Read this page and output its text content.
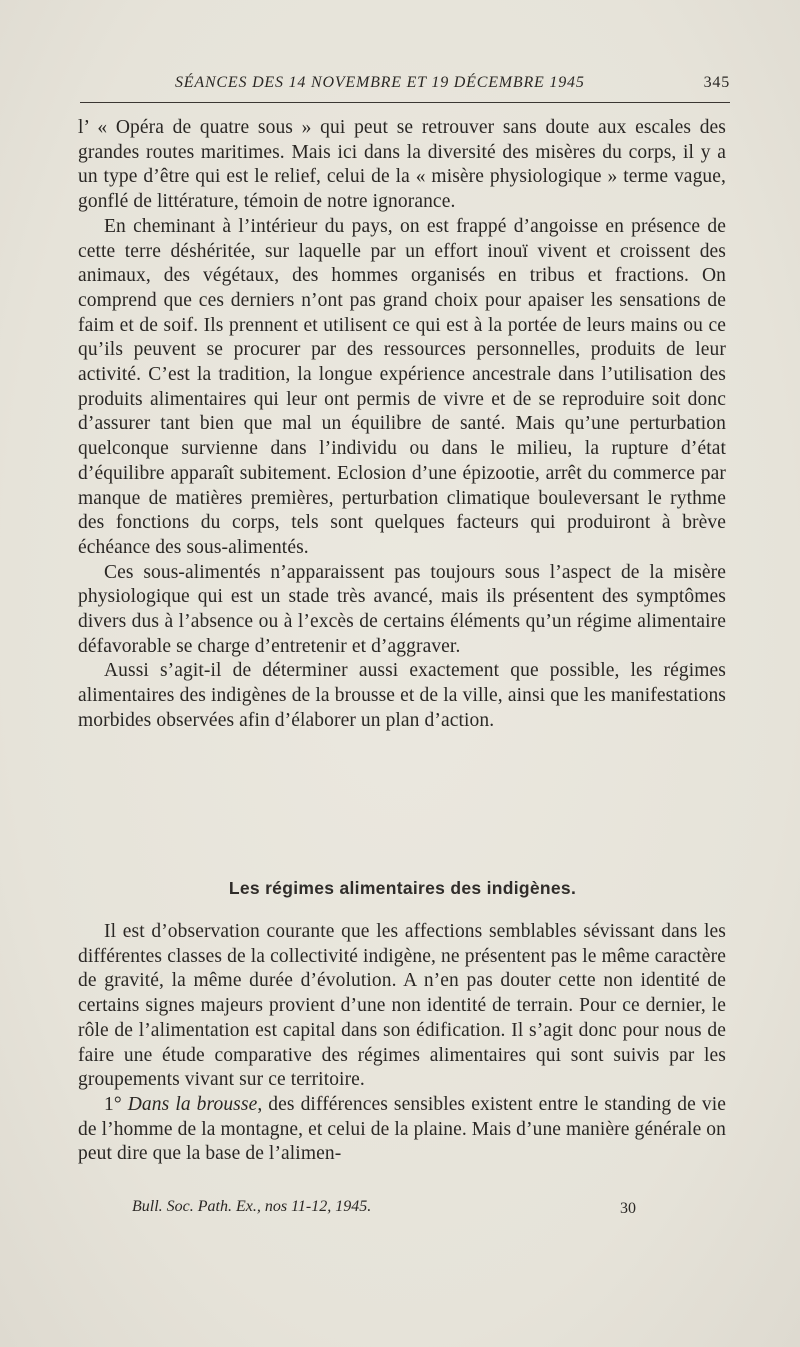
SÉANCES DES 14 NOVEMBRE ET 19 DÉCEMBRE 1945	345

l’ « Opéra de quatre sous » qui peut se retrouver sans doute aux escales des grandes routes maritimes. Mais ici dans la diversité des misères du corps, il y a un type d’être qui est le relief, celui de la « misère physiologique » terme vague, gonflé de littérature, témoin de notre ignorance.

En cheminant à l’intérieur du pays, on est frappé d’angoisse en présence de cette terre déshéritée, sur laquelle par un effort inouï vivent et croissent des animaux, des végétaux, des hommes organisés en tribus et fractions. On comprend que ces derniers n’ont pas grand choix pour apaiser les sensations de faim et de soif. Ils prennent et utilisent ce qui est à la portée de leurs mains ou ce qu’ils peuvent se procurer par des ressources personnelles, produits de leur activité. C’est la tradition, la longue expérience ancestrale dans l’utilisation des produits alimentaires qui leur ont permis de vivre et de se reproduire soit donc d’assurer tant bien que mal un équilibre de santé. Mais qu’une perturbation quelconque survienne dans l’individu ou dans le milieu, la rupture d’état d’équilibre apparaît subitement. Eclosion d’une épizootie, arrêt du commerce par manque de matières premières, perturbation climatique bouleversant le rythme des fonctions du corps, tels sont quelques facteurs qui produiront à brève échéance des sous-alimentés.

Ces sous-alimentés n’apparaissent pas toujours sous l’aspect de la misère physiologique qui est un stade très avancé, mais ils présentent des symptômes divers dus à l’absence ou à l’excès de certains éléments qu’un régime alimentaire défavorable se charge d’entretenir et d’aggraver.

Aussi s’agit-il de déterminer aussi exactement que possible, les régimes alimentaires des indigènes de la brousse et de la ville, ainsi que les manifestations morbides observées afin d’élaborer un plan d’action.

Les régimes alimentaires des indigènes.

Il est d’observation courante que les affections semblables sévissant dans les différentes classes de la collectivité indigène, ne présentent pas le même caractère de gravité, la même durée d’évolution. A n’en pas douter cette non identité de certains signes majeurs provient d’une non identité de terrain. Pour ce dernier, le rôle de l’alimentation est capital dans son édification. Il s’agit donc pour nous de faire une étude comparative des régimes alimentaires qui sont suivis par les groupements vivant sur ce territoire.

1° Dans la brousse, des différences sensibles existent entre le standing de vie de l’homme de la montagne, et celui de la plaine. Mais d’une manière générale on peut dire que la base de l’alimen-

Bull. Soc. Path. Ex., nos 11-12, 1945.	30
